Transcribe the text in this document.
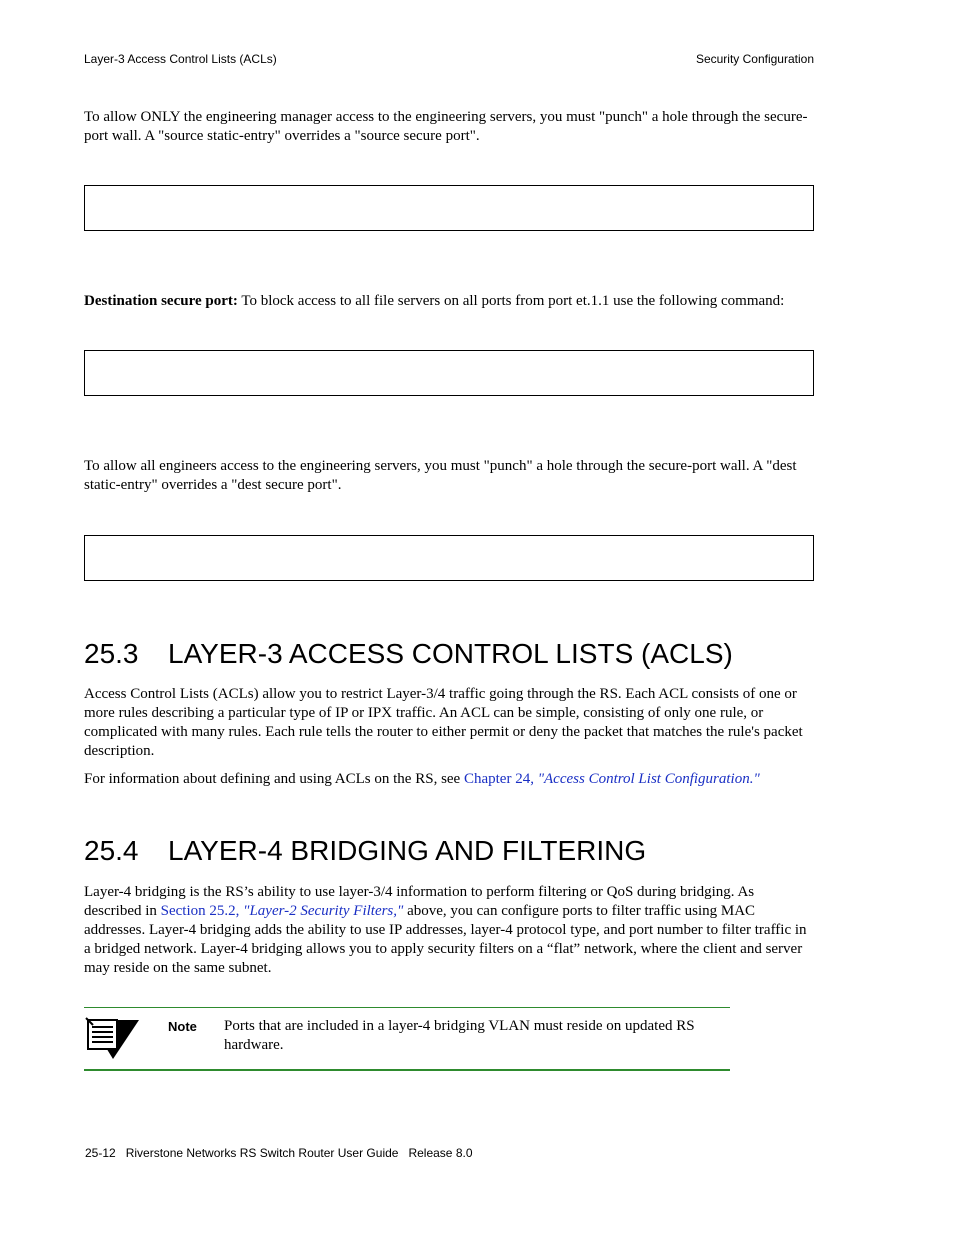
Layer-3 Access Control Lists (ACLs)	Security Configuration

To allow ONLY the engineering manager access to the engineering servers, you must "punch" a hole through the secure-port wall. A "source static-entry" overrides a "source secure port".

Destination secure port: To block access to all file servers on all ports from port et.1.1 use the following command:

To allow all engineers access to the engineering servers, you must "punch" a hole through the secure-port wall. A "dest static-entry" overrides a "dest secure port".

25.3 LAYER-3 ACCESS CONTROL LISTS (ACLS)

Access Control Lists (ACLs) allow you to restrict Layer-3/4 traffic going through the RS. Each ACL consists of one or more rules describing a particular type of IP or IPX traffic. An ACL can be simple, consisting of only one rule, or complicated with many rules. Each rule tells the router to either permit or deny the packet that matches the rule's packet description.

For information about defining and using ACLs on the RS, see Chapter 24, "Access Control List Configuration."

25.4 LAYER-4 BRIDGING AND FILTERING

Layer-4 bridging is the RS’s ability to use layer-3/4 information to perform filtering or QoS during bridging. As described in Section 25.2, "Layer-2 Security Filters," above, you can configure ports to filter traffic using MAC addresses. Layer-4 bridging adds the ability to use IP addresses, layer-4 protocol type, and port number to filter traffic in a bridged network. Layer-4 bridging allows you to apply security filters on a “flat” network, where the client and server may reside on the same subnet.

Note Ports that are included in a layer-4 bridging VLAN must reside on updated RS hardware.
25-12   Riverstone Networks RS Switch Router User Guide   Release 8.0
